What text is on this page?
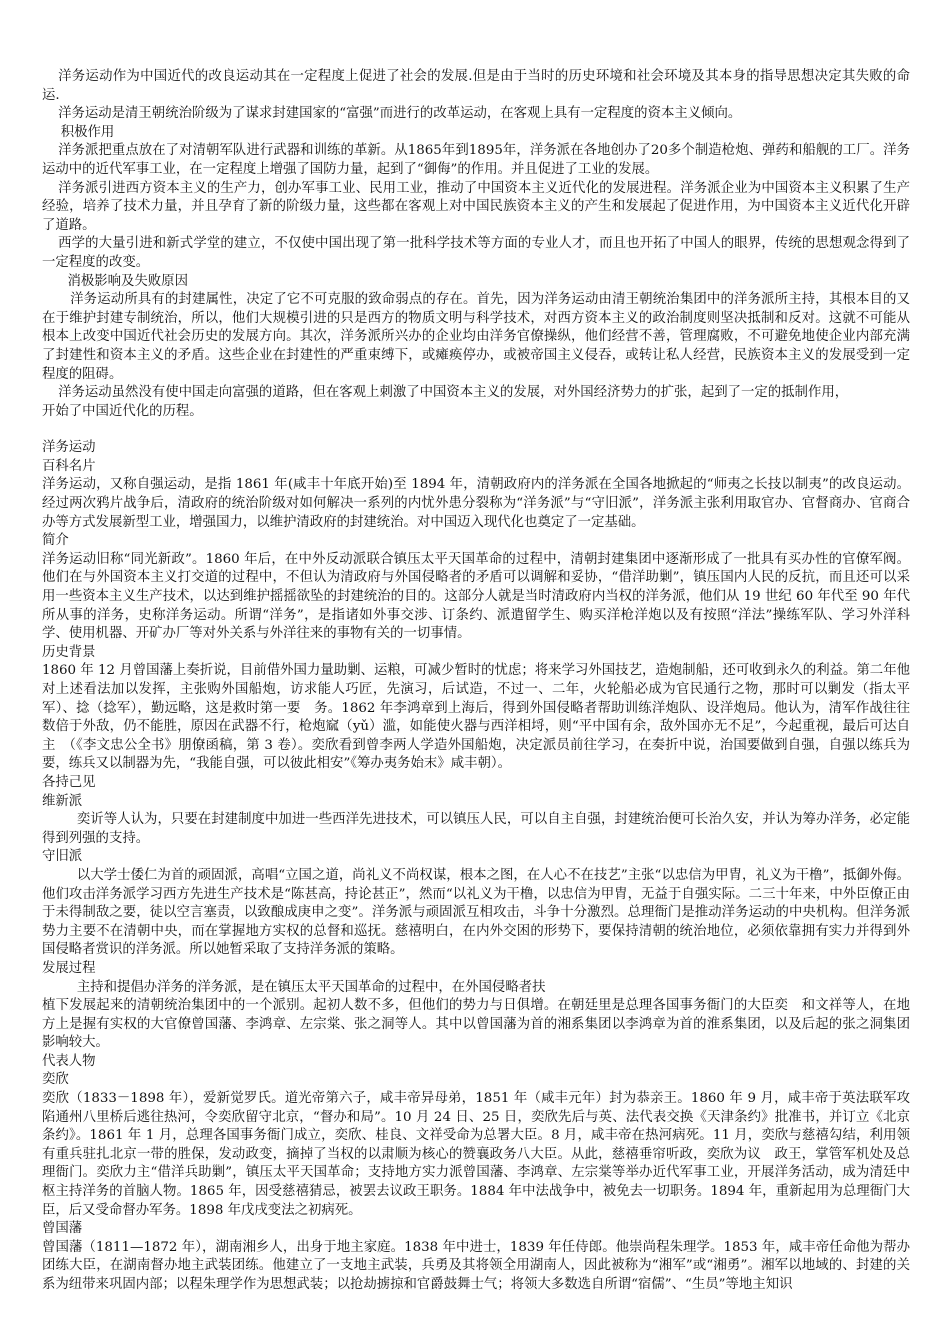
洋务运动作为中国近代的改良运动其在一定程度上促进了社会的发展.但是由于当时的历史环境和社会环境及其本身的指导思想决定其失败的命运.

洋务运动是清王朝统治阶级为了谋求封建国家的“富强”而进行的改革运动，在客观上具有一定程度的资本主义倾向。

积极作用

洋务派把重点放在了对清朝军队进行武器和训练的革新。从1865年到1895年，洋务派在各地创办了20多个制造枪炮、弹药和船舰的工厂。洋务运动中的近代军事工业，在一定程度上增强了国防力量，起到了“御侮”的作用。并且促进了工业的发展。

洋务派引进西方资本主义的生产力，创办军事工业、民用工业，推动了中国资本主义近代化的发展进程。洋务派企业为中国资本主义积累了生产经验，培养了技术力量，并且孕育了新的阶级力量，这些都在客观上对中国民族资本主义的产生和发展起了促进作用，为中国资本主义近代化开辟了道路。

西学的大量引进和新式学堂的建立，不仅使中国出现了第一批科学技术等方面的专业人才，而且也开拓了中国人的眼界，传统的思想观念得到了一定程度的改变。

消极影响及失败原因

洋务运动所具有的封建属性，决定了它不可克服的致命弱点的存在。首先，因为洋务运动由清王朝统治集团中的洋务派所主持，其根本目的又在于维护封建专制统治，所以，他们大规模引进的只是西方的物质文明与科学技术，对西方资本主义的政治制度则坚决抵制和反对。这就不可能从根本上改变中国近代社会历史的发展方向。其次，洋务派所兴办的企业均由洋务官僚操纵，他们经营不善，管理腐败，不可避免地使企业内部充满了封建性和资本主义的矛盾。这些企业在封建性的严重束缚下，或瘫痪停办，或被帝国主义侵吞，或转让私人经营，民族资本主义的发展受到一定程度的阻碍。

洋务运动虽然没有使中国走向富强的道路，但在客观上刺激了中国资本主义的发展，对外国经济势力的扩张，起到了一定的抵制作用，

开始了中国近代化的历程。

洋务运动
百科名片

洋务运动，又称自强运动，是指 1861 年(咸丰十年底开始)至 1894 年，清朝政府内的洋务派在全国各地掀起的“师夷之长技以制夷”的改良运动。经过两次鸦片战争后，清政府的统治阶级对如何解决一系列的内忧外患分裂称为“洋务派”与“守旧派”，洋务派主张利用取官办、官督商办、官商合办等方式发展新型工业，增强国力，以维护清政府的封建统治。对中国迈入现代化也奠定了一定基础。

简介

洋务运动旧称“同光新政”。1860 年后，在中外反动派联合镇压太平天国革命的过程中，清朝封建集团中逐渐形成了一批具有买办性的官僚军阀。他们在与外国资本主义打交道的过程中，不但认为清政府与外国侵略者的矛盾可以调解和妥协，“借洋助剿”，镇压国内人民的反抗，而且还可以采用一些资本主义生产技术，以达到维护摇摇欲坠的封建统治的目的。这部分人就是当时清政府内当权的洋务派，他们从 19 世纪 60 年代至 90 年代所从事的洋务，史称洋务运动。所谓“洋务”，是指诸如外事交涉、订条约、派遣留学生、购买洋枪洋炮以及有按照“洋法”操练军队、学习外洋科学、使用机器、开矿办厂等对外关系与外洋往来的事物有关的一切事情。

历史背景

1860 年 12 月曾国藩上奏折说，目前借外国力量助剿、运粮，可减少暂时的忧虑；将来学习外国技艺，造炮制船，还可收到永久的利益。第二年他对上述看法加以发挥，主张购外国船炮，访求能人巧匠，先演习，后试造，不过一、二年，火轮船必成为官民通行之物，那时可以剿发（指太平军）、捻（捻军），勤远略，这是救时第一要　务。1862 年李鸿章到上海后，得到外国侵略者帮助训练洋炮队、设洋炮局。他认为，清军作战往往数倍于外敌，仍不能胜，原因在武器不行，枪炮窳（yǔ）滥，如能使火器与西洋相埒，则“平中国有余，敌外国亦无不足”，今起重视，最后可达自主　（《李文忠公全书》朋僚函稿，第 3 卷）。奕欣看到曾李两人学造外国船炮，决定派员前往学习，在奏折中说，治国要做到自强，自强以练兵为要，练兵又以制器为先，“我能自强，可以彼此相安”《筹办夷务始末》咸丰朝）。

各持己见
维新派

奕䜣等人认为，只要在封建制度中加进一些西洋先进技术，可以镇压人民，可以自主自强，封建统治便可长治久安，并认为筹办洋务，必定能得到列强的支持。

守旧派

以大学士倭仁为首的顽固派，高唱“立国之道，尚礼义不尚权谋，根本之图，在人心不在技艺”主张“以忠信为甲胄，礼义为干橹”，抵御外侮。他们攻击洋务派学习西方先进生产技术是“陈甚高，持论甚正”，然而“以礼义为干橹，以忠信为甲胄，无益于自强实际。二三十年来，中外臣僚正由于未得制敌之要，徒以空言塞责，以致酿成庚申之变”。洋务派与顽固派互相攻击，斗争十分激烈。总理衙门是推动洋务运动的中央机构。但洋务派势力主要不在清朝中央，而在掌握地方实权的总督和巡抚。慈禧明白，在内外交困的形势下，要保持清朝的统治地位，必须依靠拥有实力并得到外国侵略者赏识的洋务派。所以她暂采取了支持洋务派的策略。

发展过程

主持和提倡办洋务的洋务派，是在镇压太平天国革命的过程中，在外国侵略者扶

植下发展起来的清朝统治集团中的一个派别。起初人数不多，但他们的势力与日俱增。在朝廷里是总理各国事务衙门的大臣奕　和文祥等人，在地方上是握有实权的大官僚曾国藩、李鸿章、左宗棠、张之洞等人。其中以曾国藩为首的湘系集团以李鸿章为首的淮系集团，以及后起的张之洞集团影响较大。

代表人物
奕欣

奕欣（1833－1898 年），爱新觉罗氏。道光帝第六子，咸丰帝异母弟，1851 年（咸丰元年）封为恭亲王。1860 年 9 月，咸丰帝于英法联军攻陷通州八里桥后逃往热河，令奕欣留守北京，“督办和局”。10 月 24 日、25 日，奕欣先后与英、法代表交换《天津条约》批准书，并订立《北京条约》。1861 年 1 月，总理各国事务衙门成立，奕欣、桂良、文祥受命为总署大臣。8 月，咸丰帝在热河病死。11 月，奕欣与慈禧勾结，利用领有重兵驻扎北京一带的胜保，发动政变，摘掉了当权的以肃顺为核心的赞襄政务八大臣。从此，慈禧垂帘听政，奕欣为议　政王，掌管军机处及总理衙门。奕欣力主“借洋兵助剿”，镇压太平天国革命；支持地方实力派曾国藩、李鸿章、左宗棠等举办近代军事工业，开展洋务活动，成为清廷中枢主持洋务的首脑人物。1865 年，因受慈禧猜忌，被罢去议政王职务。1884 年中法战争中，被免去一切职务。1894 年，重新起用为总理衙门大臣，后又受命督办军务。1898 年戊戌变法之初病死。

曾国藩

曾国藩（1811—1872 年），湖南湘乡人，出身于地主家庭。1838 年中进士，1839 年任侍郎。他崇尚程朱理学。1853 年，咸丰帝任命他为帮办团练大臣，在湖南督办地主武装团练。他建立了一支地主武装，兵勇及其将领全用湖南人，因此被称为“湘军”或“湘勇”。湘军以地域的、封建的关系为纽带来巩固内部；以程朱理学作为思想武装；以抢劫掳掠和官爵鼓舞士气；将领大多数选自所谓“宿儒”、“生员”等地主知识
